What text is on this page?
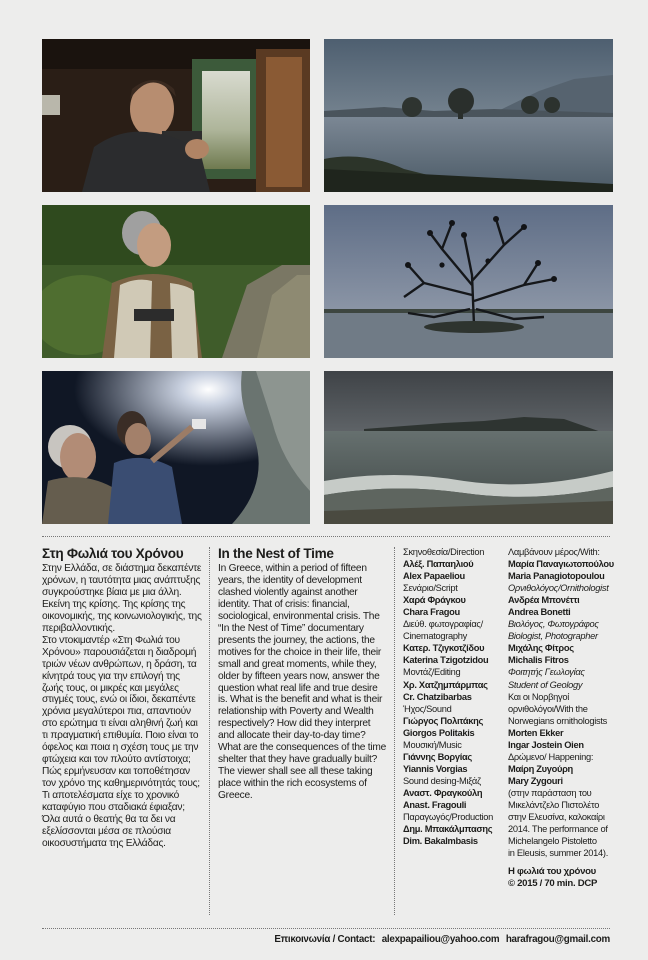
Στη Φωλιά του Χρόνου

Στην Ελλάδα, σε διάστημα δεκαπέντε χρόνων, η ταυτότητα μιας ανάπτυξης συγκρούστηκε βίαια με μια άλλη. Εκείνη της κρίσης. Της κρίσης της οικονομικής, της κοινωνιολογικής, της περιβαλλοντικής.

Στο ντοκιμαντέρ «Στη Φωλιά του Χρόνου» παρουσιάζεται η διαδρομή τριών νέων ανθρώπων, η δράση, τα κίνητρά τους για την επιλογή της ζωής τους, οι μικρές και μεγάλες στιγμές τους, ενώ οι ίδιοι, δεκαπέντε χρόνια μεγαλύτεροι πια, απαντιούν στο ερώτημα τι είναι αληθινή ζωή και τι πραγματική επιθυμία. Ποιο είναι το όφελος και ποια η σχέση τους με την φτώχεια και τον πλούτο αντίστοιχα; Πώς ερμήνευσαν και τοποθέτησαν τον χρόνο της καθημερινότητάς τους; Τι αποτελέσματα είχε το χρονικό καταφύγιο που σταδιακά έφιαξαν; Όλα αυτά ο θεατής θα τα δει να εξελίσσονται μέσα σε πλούσια οικοσυστήματα της Ελλάδας.

In the Nest of Time

In Greece, within a period of fifteen years, the identity of development clashed violently against another identity. That of crisis: financial, sociological, environmental crisis. The “In the Nest of Time” documentary presents the journey, the actions, the motives for the choice in their life, their small and great moments, while they, older by fifteen years now, answer the question what real life and true desire is. What is the benefit and what is their relationship with Poverty and Wealth respectively? How did they interpret and allocate their day-to-day time? What are the consequences of the time shelter that they have gradually built?

The viewer shall see all these taking place within the rich ecosystems of Greece.

Σκηνοθεσία/Direction
Αλέξ. Παπαηλιού
Alex Papaeliou
Σενάριο/Script
Χαρά Φράγκου
Chara Fragou
Διεύθ. φωτογραφίας/
Cinematography
Κατερ. Τζιγκοτζίδου
Katerina Tzigotzidou
Μοντάζ/Editing
Χρ. Χατζημπάρμπας
Cr. Chatzibarbas
Ήχος/Sound
Γιώργος Πολιτάκης
Giorgos Politakis
Μουσική/Music
Γιάννης Βοργίας
Yiannis Vorgias
Sound desing-Μιξάζ
Αναστ. Φραγκούλη
Anast. Fragouli
Παραγωγός/Production
Δημ. Μπακάλμπασης
Dim. Bakalmbasis
Λαμβάνουν μέρος/With:
Μαρία Παναγιωτοπούλου
Maria Panagiotopoulou
Ορνιθολόγος/Ornithologist
Ανδρέα Μπονέττι
Andrea Bonetti
Βιολόγος, Φωτογράφος
Biologist, Photographer
Μιχάλης Φίτρος
Michalis Fitros
Φοιτητής Γεωλογίας
Student of Geology
Και οι Νορβηγοί
ορνιθολόγοι/With the
Norwegians ornithologists
Morten Ekker
Ingar Jostein Oien
Δρώμενο/ Happening:
Μαίρη Ζυγούρη
Mary Zygouri
(στην παράσταση του
Μικελάντζελο Πιστολέτο
στην Ελευσίνα, καλοκαίρι
2014. The performance of
Michelangelo Pistoletto
in Eleusis, summer 2014).
Η φωλιά του χρόνου
© 2015 / 70 min. DCP
Επικοινωνία / Contact: alexpapailiou@yahoo.com harafragou@gmail.com
